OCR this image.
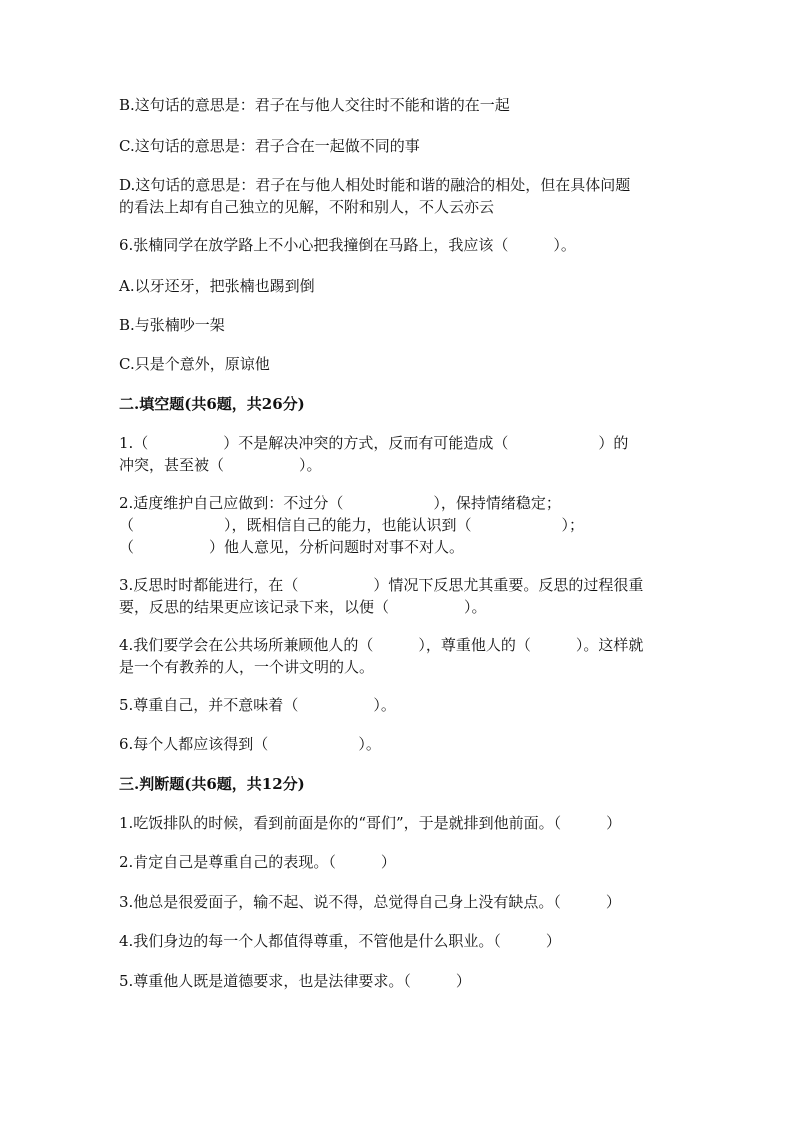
B.这句话的意思是：君子在与他人交往时不能和谐的在一起
C.这句话的意思是：君子合在一起做不同的事
D.这句话的意思是：君子在与他人相处时能和谐的融洽的相处，但在具体问题
的看法上却有自己独立的见解，不附和别人，不人云亦云
6.张楠同学在放学路上不小心把我撞倒在马路上，我应该（　　　）。
A.以牙还牙，把张楠也踢到倒
B.与张楠吵一架
C.只是个意外，原谅他
二.填空题(共6题，共26分)
1.（　　　　　）不是解决冲突的方式，反而有可能造成（　　　　　　）的
冲突，甚至被（　　　　　）。
2.适度维护自己应做到：不过分（　　　　　　），保持情绪稳定；
（　　　　　　），既相信自己的能力，也能认识到（　　　　　　）；
（　　　　　）他人意见，分析问题时对事不对人。
3.反思时时都能进行，在（　　　　　）情况下反思尤其重要。反思的过程很重
要，反思的结果更应该记录下来，以便（　　　　　）。
4.我们要学会在公共场所兼顾他人的（　　　），尊重他人的（　　　）。这样就
是一个有教养的人，一个讲文明的人。
5.尊重自己，并不意味着（　　　　　）。
6.每个人都应该得到（　　　　　　）。
三.判断题(共6题，共12分)
1.吃饭排队的时候，看到前面是你的“哥们”，于是就排到他前面。（　　　）
2.肯定自己是尊重自己的表现。（　　　）
3.他总是很爱面子，输不起、说不得，总觉得自己身上没有缺点。（　　　）
4.我们身边的每一个人都值得尊重，不管他是什么职业。（　　　）
5.尊重他人既是道德要求，也是法律要求。（　　　）
